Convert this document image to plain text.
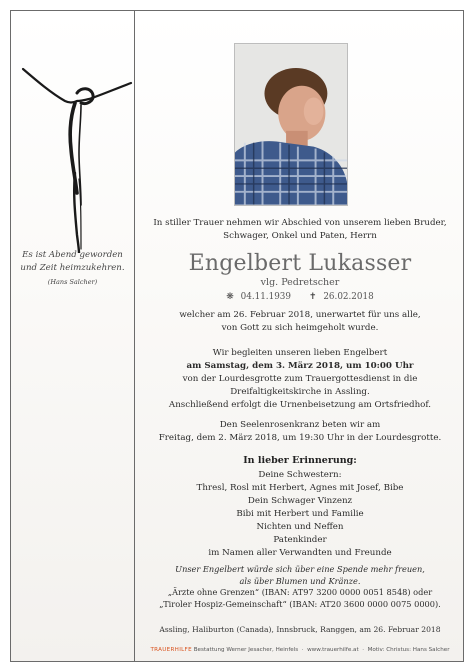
Es ist Abend geworden
und Zeit heimzukehren.
(Hans Salcher)
In stiller Trauer nehmen wir Abschied von unserem lieben Bruder,
Schwager, Onkel und Paten, Herrn
Engelbert Lukasser
vlg. Pedretscher
❋ 04.11.1939 ✝ 26.02.2018
welcher am 26. Februar 2018, unerwartet für uns alle,
von Gott zu sich heimgeholt wurde.
Wir begleiten unseren lieben Engelbert
am Samstag, dem 3. März 2018, um 10:00 Uhr
von der Lourdesgrotte zum Trauergottesdienst in die
Dreifaltigkeitskirche in Assling.
Anschließend erfolgt die Urnenbeisetzung am Ortsfriedhof.
Den Seelenrosenkranz beten wir am
Freitag, dem 2. März 2018, um 19:30 Uhr in der Lourdesgrotte.
In lieber Erinnerung:
Deine Schwestern:
Thresl, Rosl mit Herbert, Agnes mit Josef, Bibe
Dein Schwager Vinzenz
Bibi mit Herbert und Familie
Nichten und Neffen
Patenkinder
im Namen aller Verwandten und Freunde
Unser Engelbert würde sich über eine Spende mehr freuen,
als über Blumen und Kränze.
„Ärzte ohne Grenzen“ (IBAN: AT97 3200 0000 0051 8548) oder
„Tiroler Hospiz-Gemeinschaft“ (IBAN: AT20 3600 0000 0075 0000).
Assling, Haliburton (Canada), Innsbruck, Ranggen, am 26. Februar 2018
TRAUERHILFE Bestattung Werner Jesacher, Heinfels  ·  www.trauerhilfe.at  ·  Motiv: Christus: Hans Salcher
